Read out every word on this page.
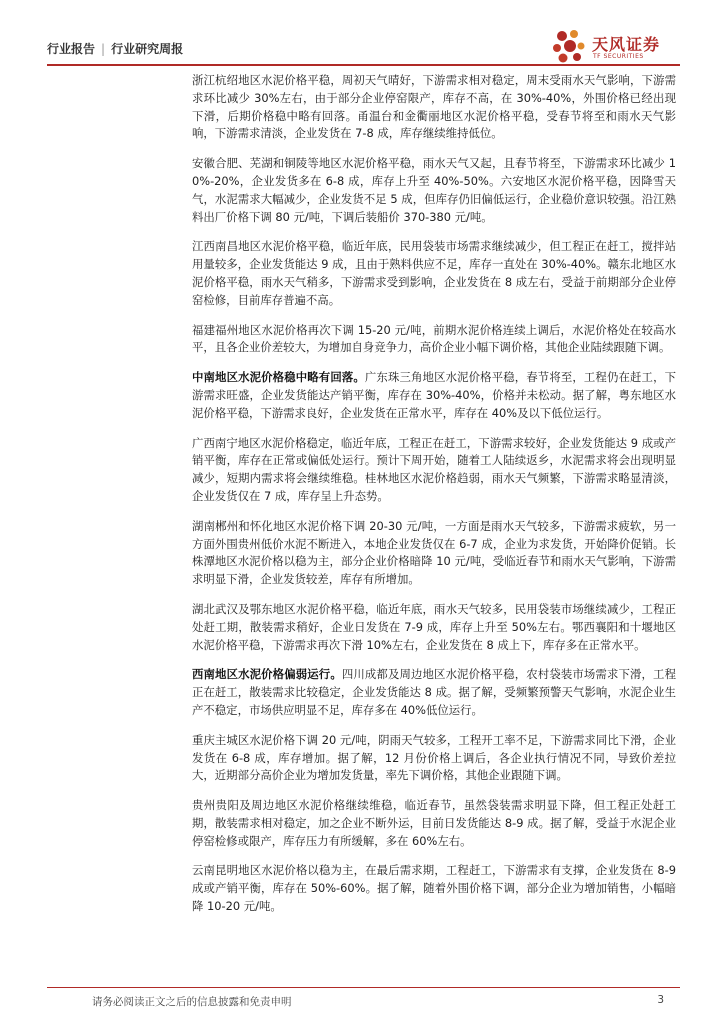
行业报告 | 行业研究周报	天风证券
TF SECURITIES

浙江杭绍地区水泥价格平稳，周初天气晴好，下游需求相对稳定，周末受雨水天气影响，下游需求环比减少 30%左右，由于部分企业停窑限产，库存不高，在 30%-40%，外围价格已经出现下滑，后期价格稳中略有回落。甬温台和金衢丽地区水泥价格平稳，受春节将至和雨水天气影响，下游需求清淡，企业发货在 7-8 成，库存继续维持低位。

安徽合肥、芜湖和铜陵等地区水泥价格平稳，雨水天气又起，且春节将至，下游需求环比减少 10%-20%，企业发货多在 6-8 成，库存上升至 40%-50%。六安地区水泥价格平稳，因降雪天气，水泥需求大幅减少，企业发货不足 5 成，但库存仍旧偏低运行，企业稳价意识较强。沿江熟料出厂价格下调 80 元/吨，下调后装船价 370-380 元/吨。

江西南昌地区水泥价格平稳，临近年底，民用袋装市场需求继续减少，但工程正在赶工，搅拌站用量较多，企业发货能达 9 成，且由于熟料供应不足，库存一直处在 30%-40%。赣东北地区水泥价格平稳，雨水天气稍多，下游需求受到影响，企业发货在 8 成左右，受益于前期部分企业停窑检修，目前库存普遍不高。

福建福州地区水泥价格再次下调 15-20 元/吨，前期水泥价格连续上调后，水泥价格处在较高水平，且各企业价差较大，为增加自身竞争力，高价企业小幅下调价格，其他企业陆续跟随下调。

中南地区水泥价格稳中略有回落。广东珠三角地区水泥价格平稳，春节将至，工程仍在赶工，下游需求旺盛，企业发货能达产销平衡，库存在 30%-40%，价格并未松动。据了解，粤东地区水泥价格平稳，下游需求良好，企业发货在正常水平，库存在 40%及以下低位运行。

广西南宁地区水泥价格稳定，临近年底，工程正在赶工，下游需求较好，企业发货能达 9 成或产销平衡，库存在正常或偏低处运行。预计下周开始，随着工人陆续返乡，水泥需求将会出现明显减少，短期内需求将会继续维稳。桂林地区水泥价格趋弱，雨水天气频繁，下游需求略显清淡，企业发货仅在 7 成，库存呈上升态势。

湖南郴州和怀化地区水泥价格下调 20-30 元/吨，一方面是雨水天气较多，下游需求疲软，另一方面外围贵州低价水泥不断进入，本地企业发货仅在 6-7 成，企业为求发货，开始降价促销。长株潭地区水泥价格以稳为主，部分企业价格暗降 10 元/吨，受临近春节和雨水天气影响，下游需求明显下滑，企业发货较差，库存有所增加。

湖北武汉及鄂东地区水泥价格平稳，临近年底，雨水天气较多，民用袋装市场继续减少，工程正处赶工期，散装需求稍好，企业日发货在 7-9 成，库存上升至 50%左右。鄂西襄阳和十堰地区水泥价格平稳，下游需求再次下滑 10%左右，企业发货在 8 成上下，库存多在正常水平。

西南地区水泥价格偏弱运行。四川成都及周边地区水泥价格平稳，农村袋装市场需求下滑，工程正在赶工，散装需求比较稳定，企业发货能达 8 成。据了解，受频繁预警天气影响，水泥企业生产不稳定，市场供应明显不足，库存多在 40%低位运行。

重庆主城区水泥价格下调 20 元/吨，阴雨天气较多，工程开工率不足，下游需求同比下滑，企业发货在 6-8 成，库存增加。据了解，12 月份价格上调后，各企业执行情况不同，导致价差拉大，近期部分高价企业为增加发货量，率先下调价格，其他企业跟随下调。

贵州贵阳及周边地区水泥价格继续维稳，临近春节，虽然袋装需求明显下降，但工程正处赶工期，散装需求相对稳定，加之企业不断外运，目前日发货能达 8-9 成。据了解，受益于水泥企业停窑检修或限产，库存压力有所缓解，多在 60%左右。

云南昆明地区水泥价格以稳为主，在最后需求期，工程赶工，下游需求有支撑，企业发货在 8-9 成或产销平衡，库存在 50%-60%。据了解，随着外围价格下调，部分企业为增加销售，小幅暗降 10-20 元/吨。

请务必阅读正文之后的信息披露和免责申明	3
